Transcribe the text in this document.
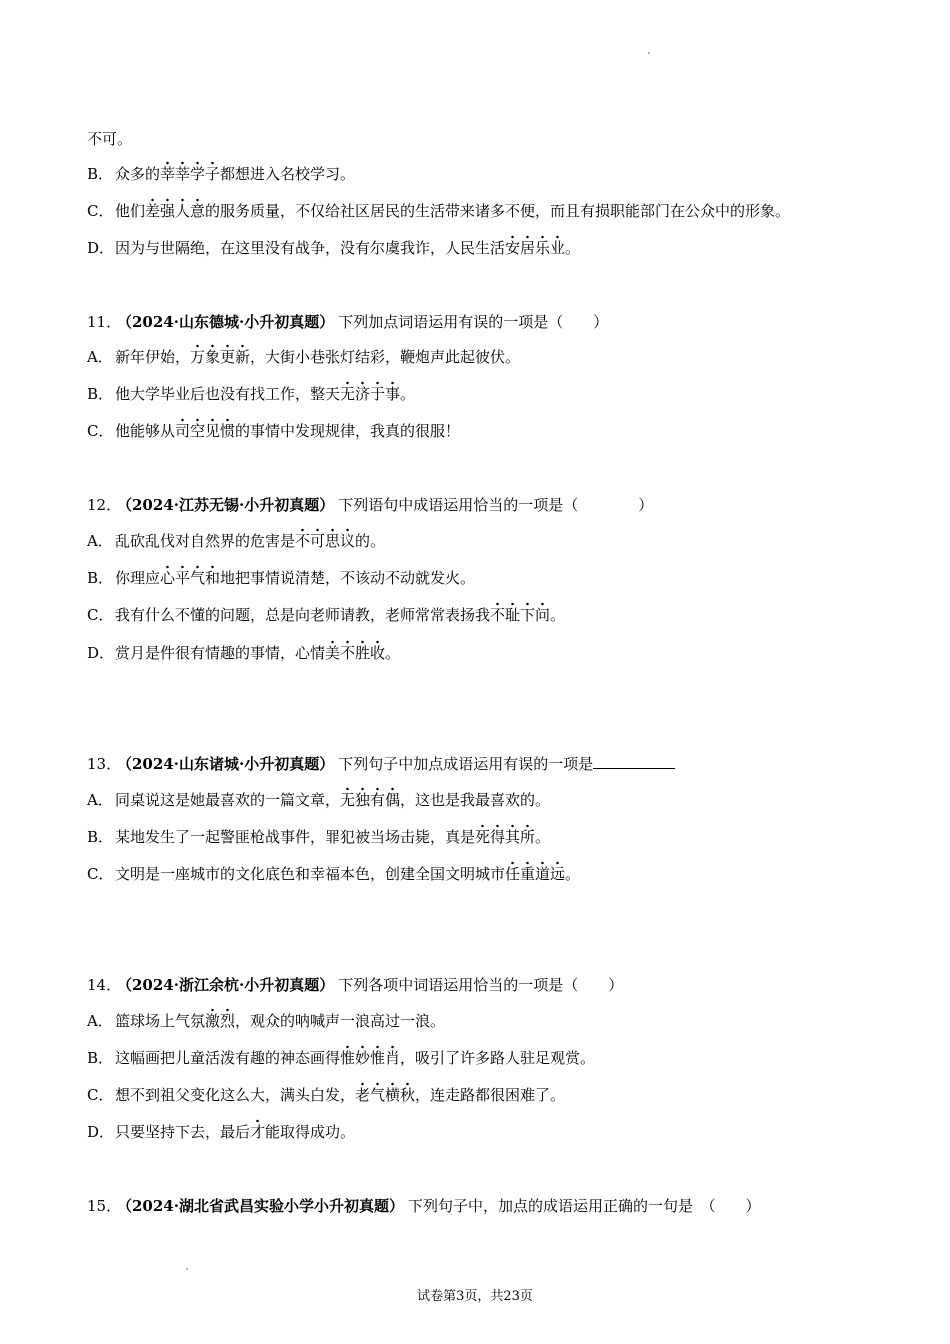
不可。
B． 众多的莘莘学子都想进入名校学习。
C． 他们差强人意的服务质量，不仅给社区居民的生活带来诸多不便，而且有损职能部门在公众中的形象。
D．因为与世隔绝，在这里没有战争，没有尔虞我诈，人民生活安居乐业。
11．（2024·山东德城·小升初真题） 下列加点词语运用有误的一项是（　　）
A． 新年伊始，万象更新，大街小巷张灯结彩，鞭炮声此起彼伏。
B． 他大学毕业后也没有找工作，整天无济于事。
C． 他能够从司空见惯的事情中发现规律，我真的很服！
12．（2024·江苏无锡·小升初真题） 下列语句中成语运用恰当的一项是（　　　　）
A． 乱砍乱伐对自然界的危害是不可思议的。
B． 你理应心平气和地把事情说清楚，不该动不动就发火。
C． 我有什么不懂的问题，总是向老师请教，老师常常表扬我不耻下问。
D．赏月是件很有情趣的事情，心情美不胜收。
13．（2024·山东诸城·小升初真题） 下列句子中加点成语运用有误的一项是
A． 同桌说这是她最喜欢的一篇文章，无独有偶，这也是我最喜欢的。
B． 某地发生了一起警匪枪战事件，罪犯被当场击毙，真是死得其所。
C． 文明是一座城市的文化底色和幸福本色，创建全国文明城市任重道远。
14．（2024·浙江余杭·小升初真题） 下列各项中词语运用恰当的一项是（　　）
A． 篮球场上气氛激烈，观众的呐喊声一浪高过一浪。
B． 这幅画把儿童活泼有趣的神态画得惟妙惟肖，吸引了许多路人驻足观赏。
C． 想不到祖父变化这么大，满头白发，老气横秋，连走路都很困难了。
D．只要坚持下去，最后才能取得成功。
15．（2024·湖北省武昌实验小学小升初真题） 下列句子中，加点的成语运用正确的一句是　（　　）
试卷第3页，共23页
